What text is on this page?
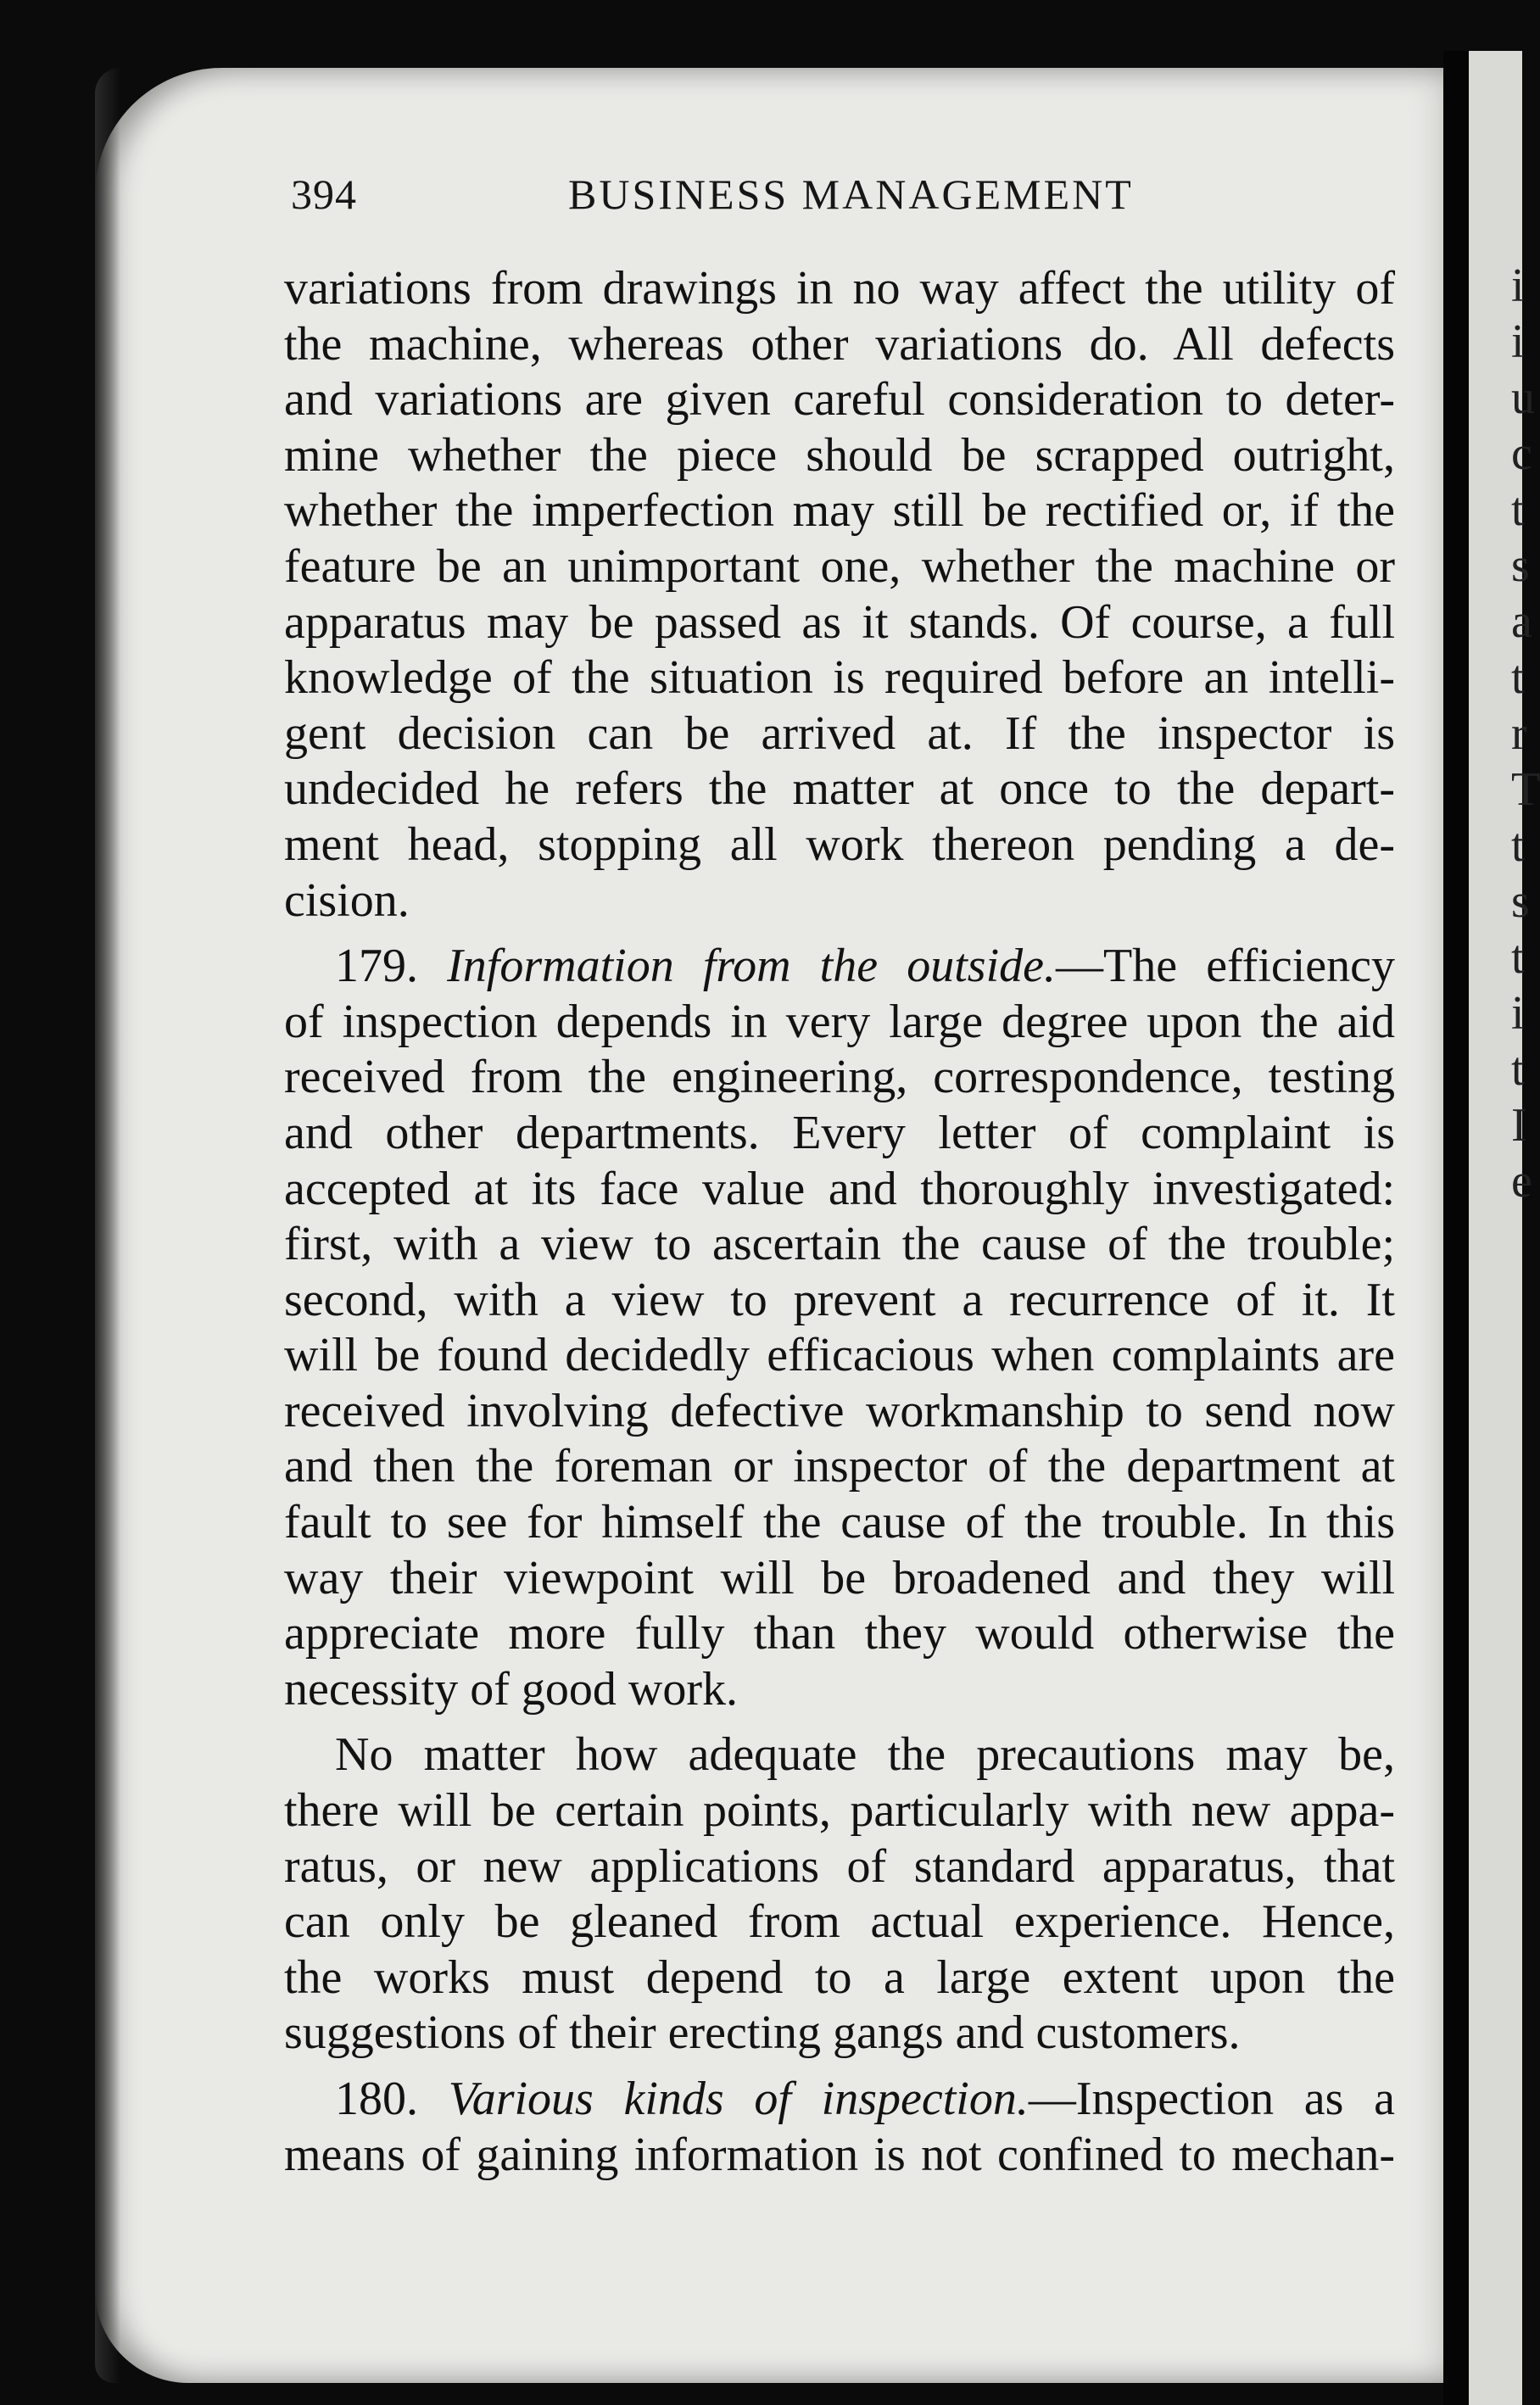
i
i
u
c
t
s
a
t
r
T
t
s
t
i
t
I
e
394	BUSINESS MANAGEMENT
variations from drawings in no way affect the utility of
the machine, whereas other variations do. All defects
and variations are given careful consideration to deter-
mine whether the piece should be scrapped outright,
whether the imperfection may still be rectified or, if the
feature be an unimportant one, whether the machine or
apparatus may be passed as it stands. Of course, a full
knowledge of the situation is required before an intelli-
gent decision can be arrived at. If the inspector is
undecided he refers the matter at once to the depart-
ment head, stopping all work thereon pending a de-
cision.
179. Information from the outside.—The efficiency
of inspection depends in very large degree upon the aid
received from the engineering, correspondence, testing
and other departments. Every letter of complaint is
accepted at its face value and thoroughly investigated:
first, with a view to ascertain the cause of the trouble;
second, with a view to prevent a recurrence of it. It
will be found decidedly efficacious when complaints are
received involving defective workmanship to send now
and then the foreman or inspector of the department at
fault to see for himself the cause of the trouble. In this
way their viewpoint will be broadened and they will
appreciate more fully than they would otherwise the
necessity of good work.
No matter how adequate the precautions may be,
there will be certain points, particularly with new appa-
ratus, or new applications of standard apparatus, that
can only be gleaned from actual experience. Hence,
the works must depend to a large extent upon the
suggestions of their erecting gangs and customers.
180. Various kinds of inspection.—Inspection as a
means of gaining information is not confined to mechan-
